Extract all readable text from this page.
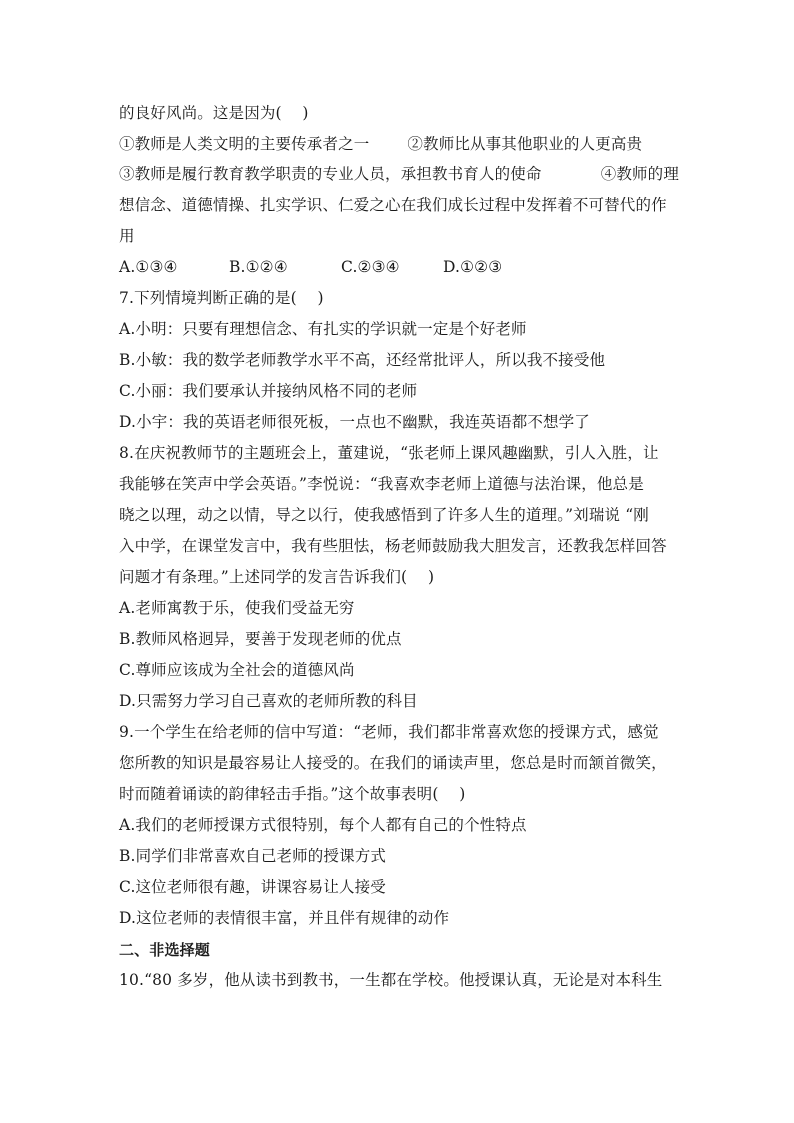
的良好风尚。这是因为(　 )
①教师是人类文明的主要传承者之一 ②教师比从事其他职业的人更高贵
③教师是履行教育教学职责的专业人员，承担教书育人的使命	④教师的理
想信念、道德情操、扎实学识、仁爱之心在我们成长过程中发挥着不可替代的作
用
A.①③④	B.①②④	C.②③④	D.①②③
7.下列情境判断正确的是(　 )
A.小明：只要有理想信念、有扎实的学识就一定是个好老师
B.小敏：我的数学老师教学水平不高，还经常批评人，所以我不接受他
C.小丽：我们要承认并接纳风格不同的老师
D.小宇：我的英语老师很死板，一点也不幽默，我连英语都不想学了
8.在庆祝教师节的主题班会上，董建说，“张老师上课风趣幽默，引人入胜，让
我能够在笑声中学会英语。”李悦说：“我喜欢李老师上道德与法治课，他总是
晓之以理，动之以情，导之以行，使我感悟到了许多人生的道理。”刘瑞说 “刚
入中学，在课堂发言中，我有些胆怯，杨老师鼓励我大胆发言，还教我怎样回答
问题才有条理。”上述同学的发言告诉我们(　 )
A.老师寓教于乐，使我们受益无穷
B.教师风格迥异，要善于发现老师的优点
C.尊师应该成为全社会的道德风尚
D.只需努力学习自己喜欢的老师所教的科目
9.一个学生在给老师的信中写道：“老师，我们都非常喜欢您的授课方式，感觉
您所教的知识是最容易让人接受的。在我们的诵读声里，您总是时而颔首微笑，
时而随着诵读的韵律轻击手指。”这个故事表明(　 )
A.我们的老师授课方式很特别，每个人都有自己的个性特点
B.同学们非常喜欢自己老师的授课方式
C.这位老师很有趣，讲课容易让人接受
D.这位老师的表情很丰富，并且伴有规律的动作
二、非选择题
10.“80 多岁，他从读书到教书，一生都在学校。他授课认真，无论是对本科生
